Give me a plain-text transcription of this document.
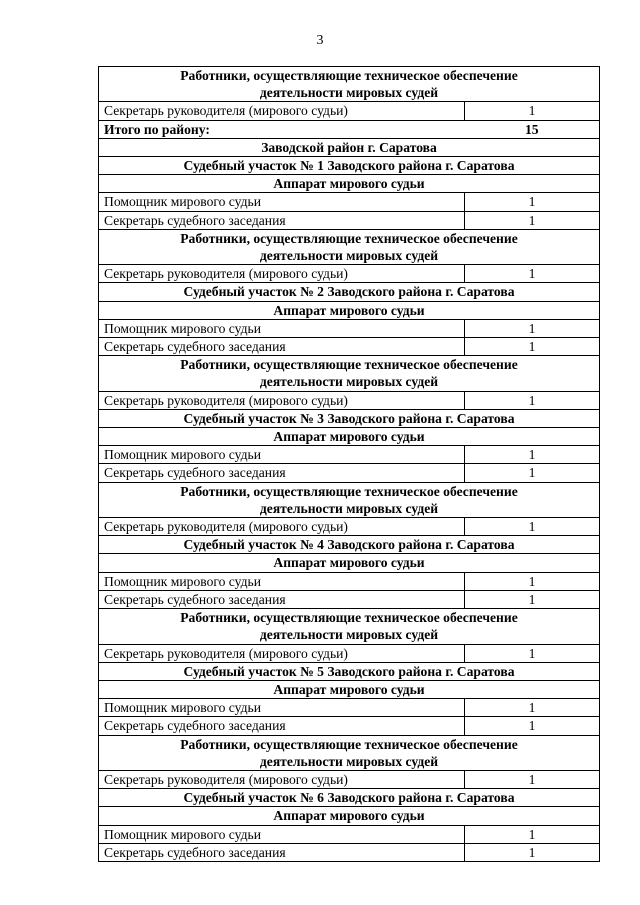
3
Работники, осуществляющие техническое обеспечение
деятельности мировых судей	

Секретарь руководителя (мирового судьи)	1
Итого по району:	15

Заводской район г. Саратова	

Судебный участок № 1 Заводского района г. Саратова	

Аппарат мирового судьи	

Помощник мирового судьи	1
Секретарь судебного заседания	1

Работники, осуществляющие техническое обеспечение
деятельности мировых судей	

Секретарь руководителя (мирового судьи)	1

Судебный участок № 2 Заводского района г. Саратова	

Аппарат мирового судьи	

Помощник мирового судьи	1
Секретарь судебного заседания	1

Работники, осуществляющие техническое обеспечение
деятельности мировых судей	

Секретарь руководителя (мирового судьи)	1

Судебный участок № 3 Заводского района г. Саратова	

Аппарат мирового судьи	

Помощник мирового судьи	1
Секретарь судебного заседания	1

Работники, осуществляющие техническое обеспечение
деятельности мировых судей	

Секретарь руководителя (мирового судьи)	1

Судебный участок № 4 Заводского района г. Саратова	

Аппарат мирового судьи	

Помощник мирового судьи	1
Секретарь судебного заседания	1

Работники, осуществляющие техническое обеспечение
деятельности мировых судей	

Секретарь руководителя (мирового судьи)	1

Судебный участок № 5 Заводского района г. Саратова	

Аппарат мирового судьи	

Помощник мирового судьи	1
Секретарь судебного заседания	1

Работники, осуществляющие техническое обеспечение
деятельности мировых судей	

Секретарь руководителя (мирового судьи)	1

Судебный участок № 6 Заводского района г. Саратова	

Аппарат мирового судьи	

Помощник мирового судьи	1
Секретарь судебного заседания	1
